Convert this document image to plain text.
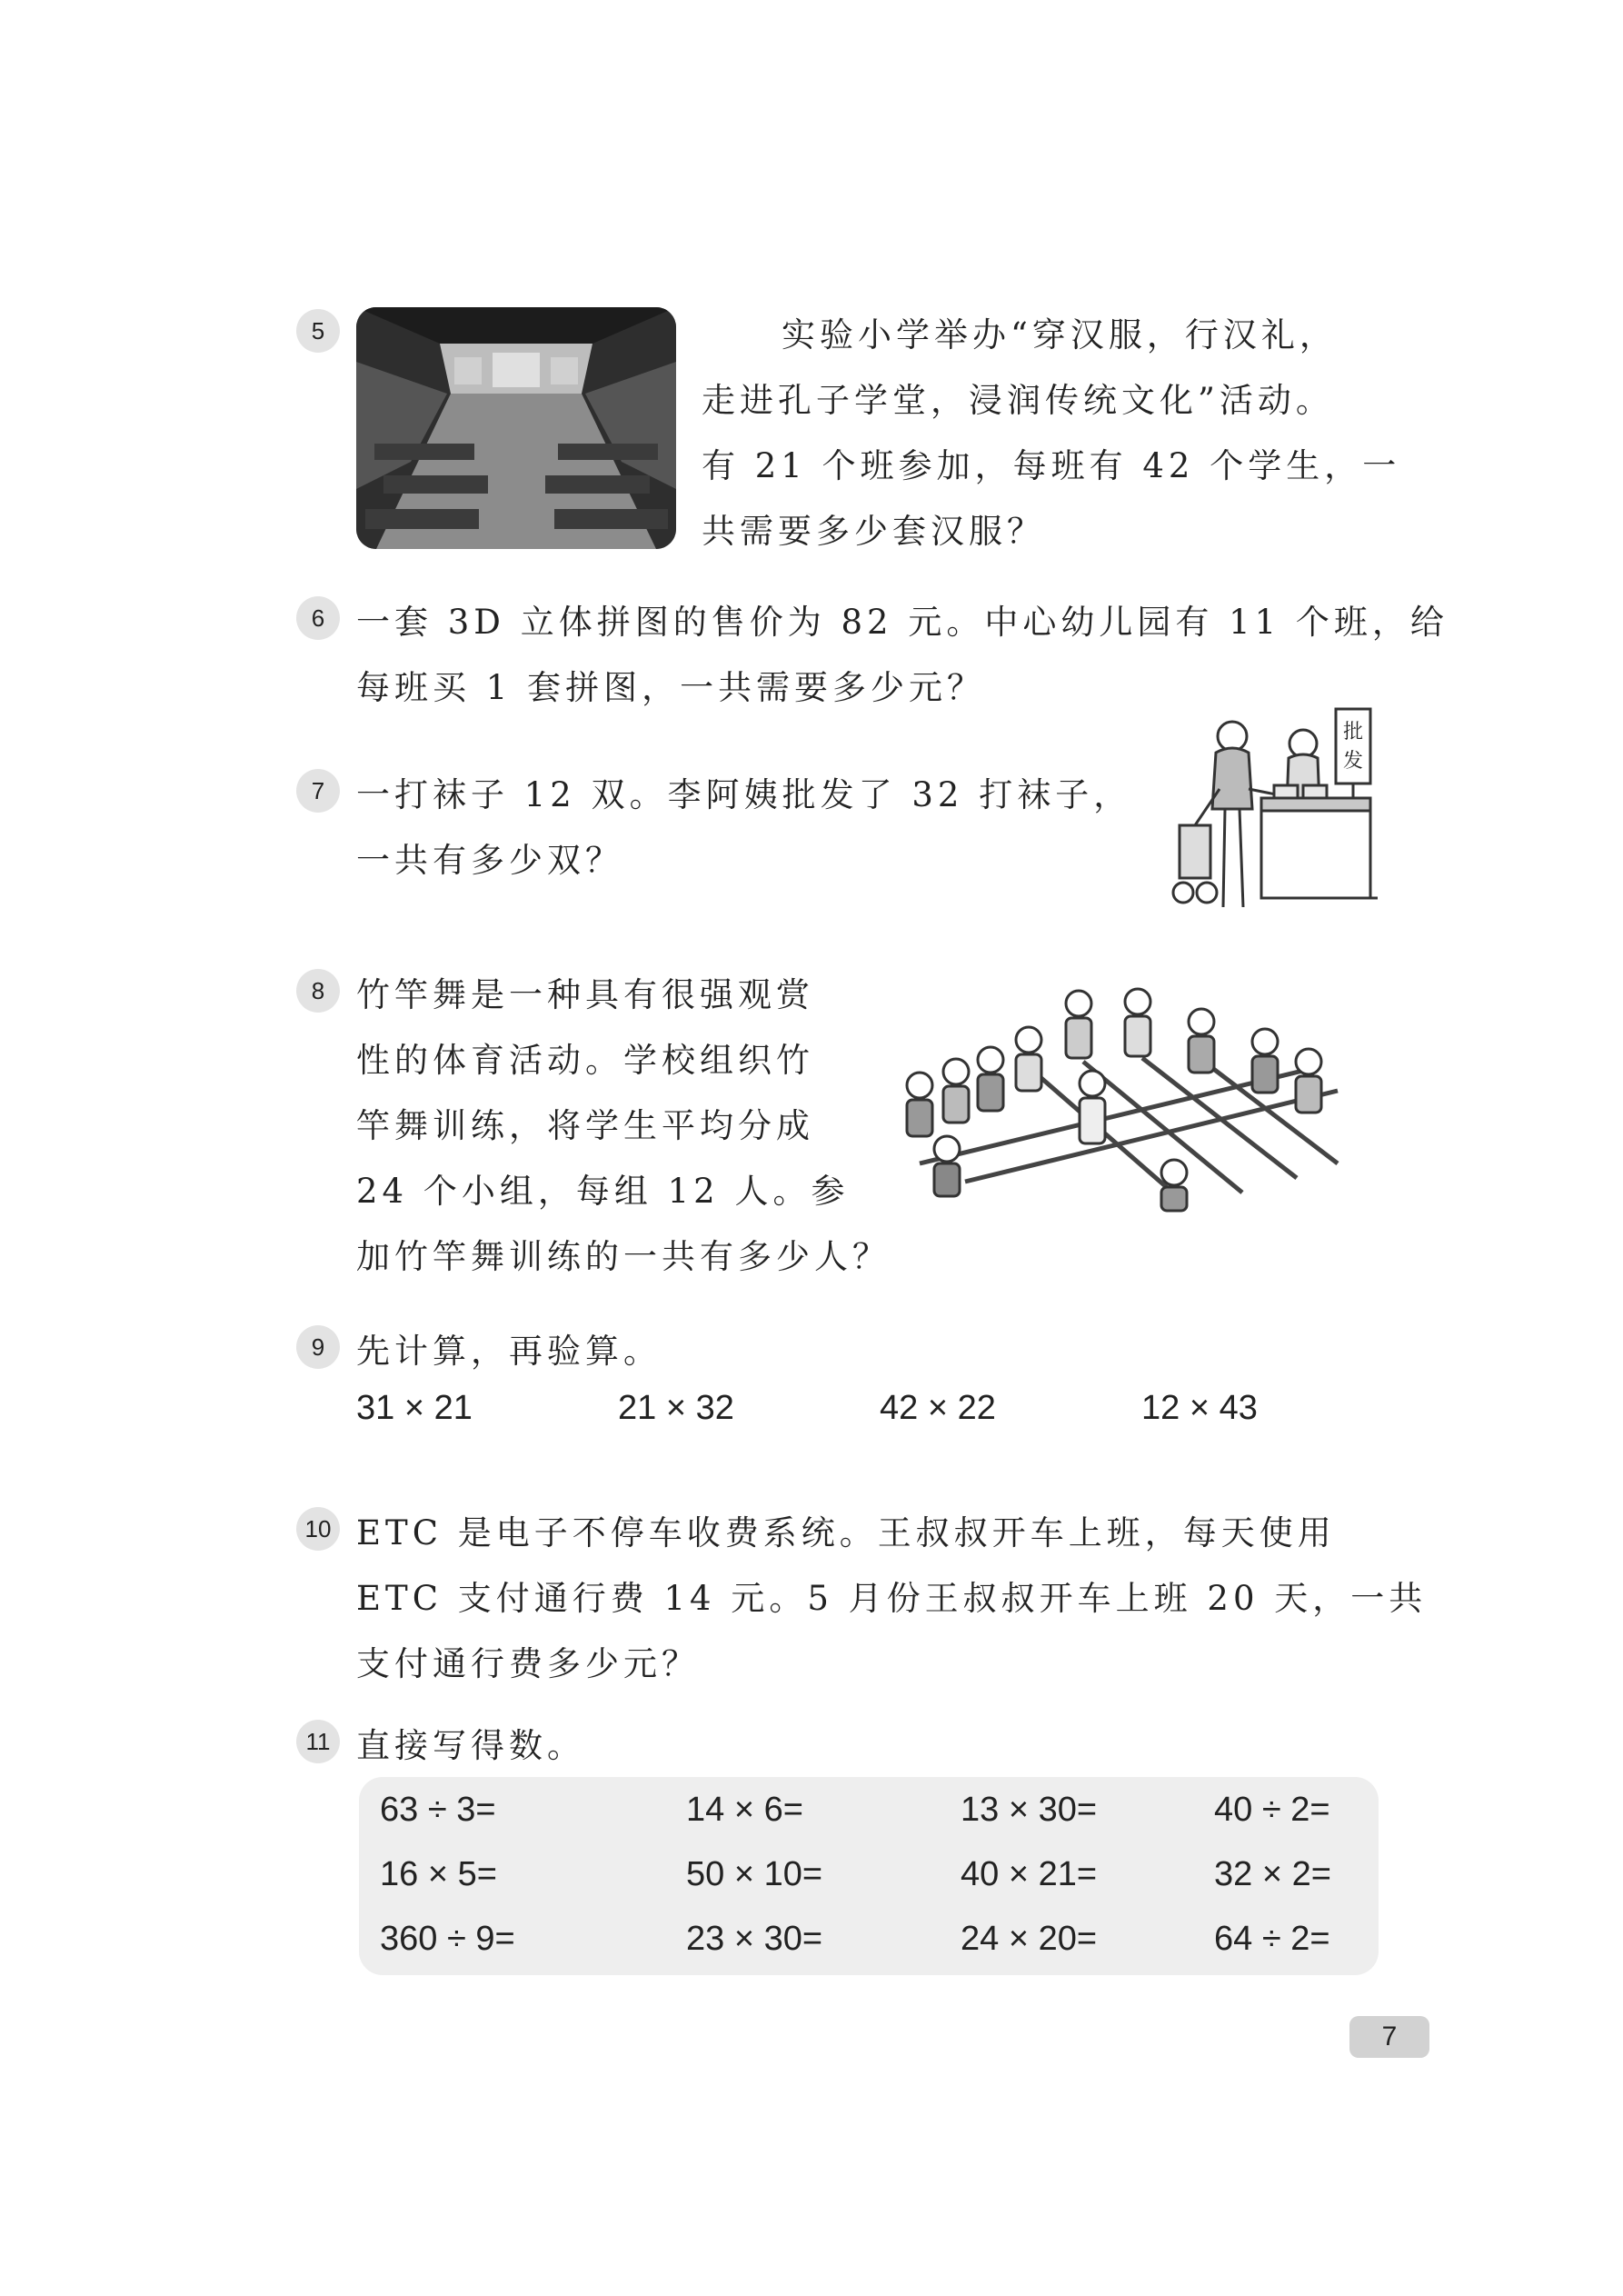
5	实验小学举办“穿汉服，行汉礼，
走进孔子学堂，浸润传统文化”活动。
有 21 个班参加，每班有 42 个学生，一
共需要多少套汉服？
6 一套 3D 立体拼图的售价为 82 元。中心幼儿园有 11 个班，给
每班买 1 套拼图，一共需要多少元？
7 一打袜子 12 双。李阿姨批发了 32 打袜子，
一共有多少双？
批
发
8 竹竿舞是一种具有很强观赏
性的体育活动。学校组织竹
竿舞训练，将学生平均分成
24 个小组，每组 12 人。参
加竹竿舞训练的一共有多少人？
9 先计算，再验算。
31 × 21	21 × 32	42 × 22	12 × 43
10 ETC 是电子不停车收费系统。王叔叔开车上班，每天使用
ETC 支付通行费 14 元。5 月份王叔叔开车上班 20 天，一共
支付通行费多少元？
11 直接写得数。
63 ÷ 3=	14 × 6=	13 × 30=	40 ÷ 2=
16 × 5=	50 × 10=	40 × 21=	32 × 2=
360 ÷ 9=	23 × 30=	24 × 20=	64 ÷ 2=
7
